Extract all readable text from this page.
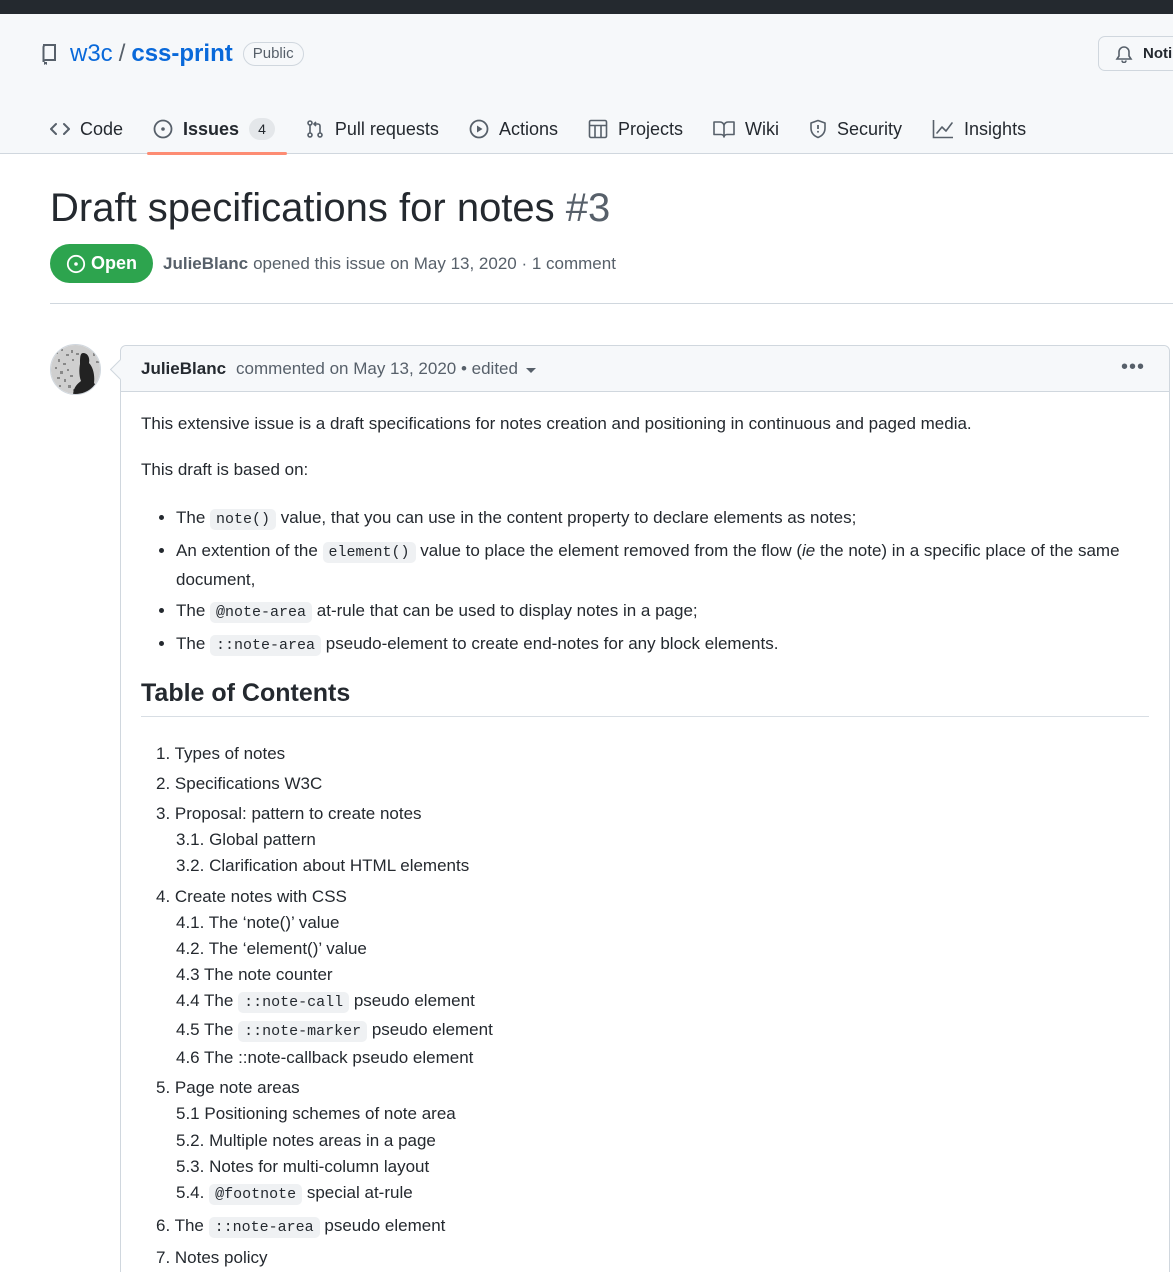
w3c / css-print	Public	Noti
Code	Issues	4	Pull requests	Actions	Projects	Wiki	Security	Insights
Draft specifications for notes #3
Open JulieBlanc opened this issue on May 13, 2020 · 1 comment
JulieBlanc commented on May 13, 2020 • edited	•••

This extensive issue is a draft specifications for notes creation and positioning in continuous and paged media.

This draft is based on:

• The note() value, that you can use in the content property to declare elements as notes;
• An extention of the element() value to place the element removed from the flow (ie the note) in a specific place of the same document,
• The @note-area at-rule that can be used to display notes in a page;
• The ::note-area pseudo-element to create end-notes for any block elements.
Table of Contents
1. Types of notes
2. Specifications W3C
3. Proposal: pattern to create notes
3.1. Global pattern
3.2. Clarification about HTML elements
4. Create notes with CSS
4.1. The ‘note()’ value
4.2. The ‘element()’ value
4.3 The note counter
4.4 The ::note-call pseudo element
4.5 The ::note-marker pseudo element
4.6 The ::note-callback pseudo element
5. Page note areas
5.1 Positioning schemes of note area
5.2. Multiple notes areas in a page
5.3. Notes for multi-column layout
5.4. @footnote special at-rule
6. The ::note-area pseudo element
7. Notes policy
